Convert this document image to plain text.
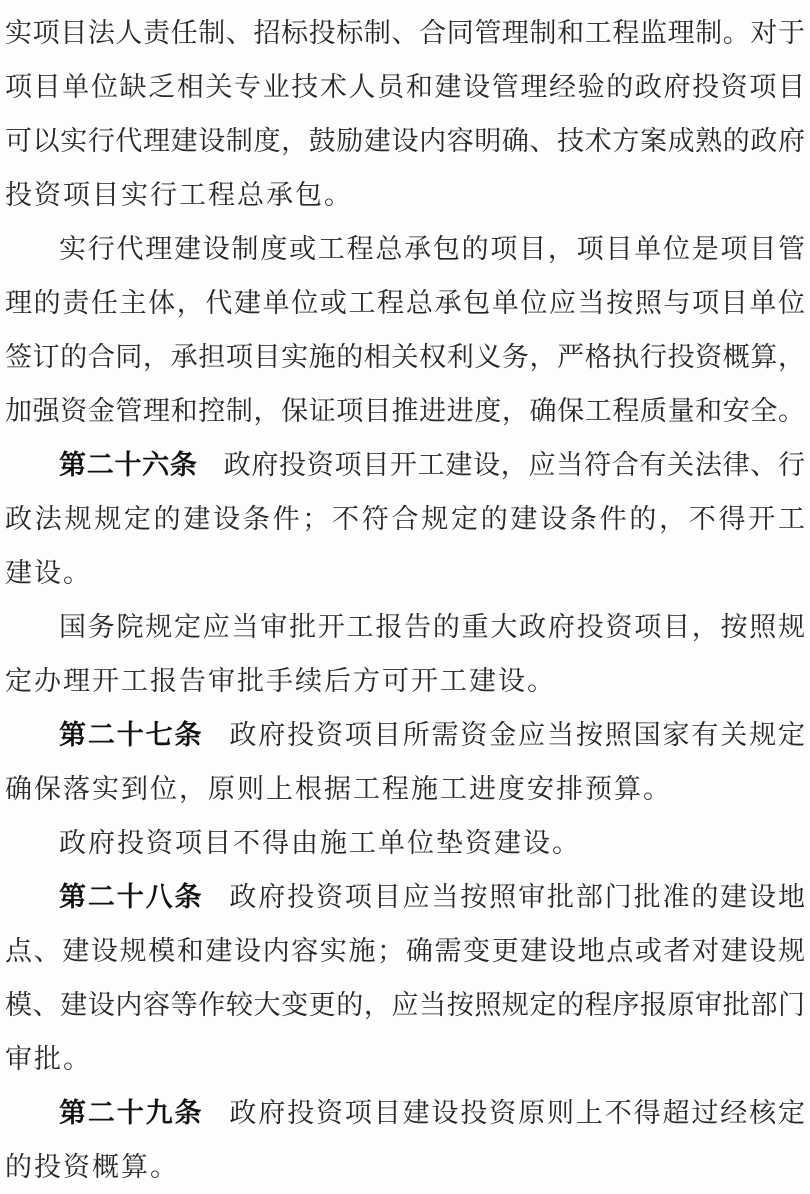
实项目法人责任制、招标投标制、合同管理制和工程监理制。对于
项目单位缺乏相关专业技术人员和建设管理经验的政府投资项目
可以实行代理建设制度，鼓励建设内容明确、技术方案成熟的政府
投资项目实行工程总承包。
实行代理建设制度或工程总承包的项目，项目单位是项目管
理的责任主体，代建单位或工程总承包单位应当按照与项目单位
签订的合同，承担项目实施的相关权利义务，严格执行投资概算，
加强资金管理和控制，保证项目推进进度，确保工程质量和安全。
第二十六条 政府投资项目开工建设，应当符合有关法律、行
政法规规定的建设条件；不符合规定的建设条件的，不得开工
建设。
国务院规定应当审批开工报告的重大政府投资项目，按照规
定办理开工报告审批手续后方可开工建设。
第二十七条 政府投资项目所需资金应当按照国家有关规定
确保落实到位，原则上根据工程施工进度安排预算。
政府投资项目不得由施工单位垫资建设。
第二十八条 政府投资项目应当按照审批部门批准的建设地
点、建设规模和建设内容实施；确需变更建设地点或者对建设规
模、建设内容等作较大变更的，应当按照规定的程序报原审批部门
审批。
第二十九条 政府投资项目建设投资原则上不得超过经核定
的投资概算。
